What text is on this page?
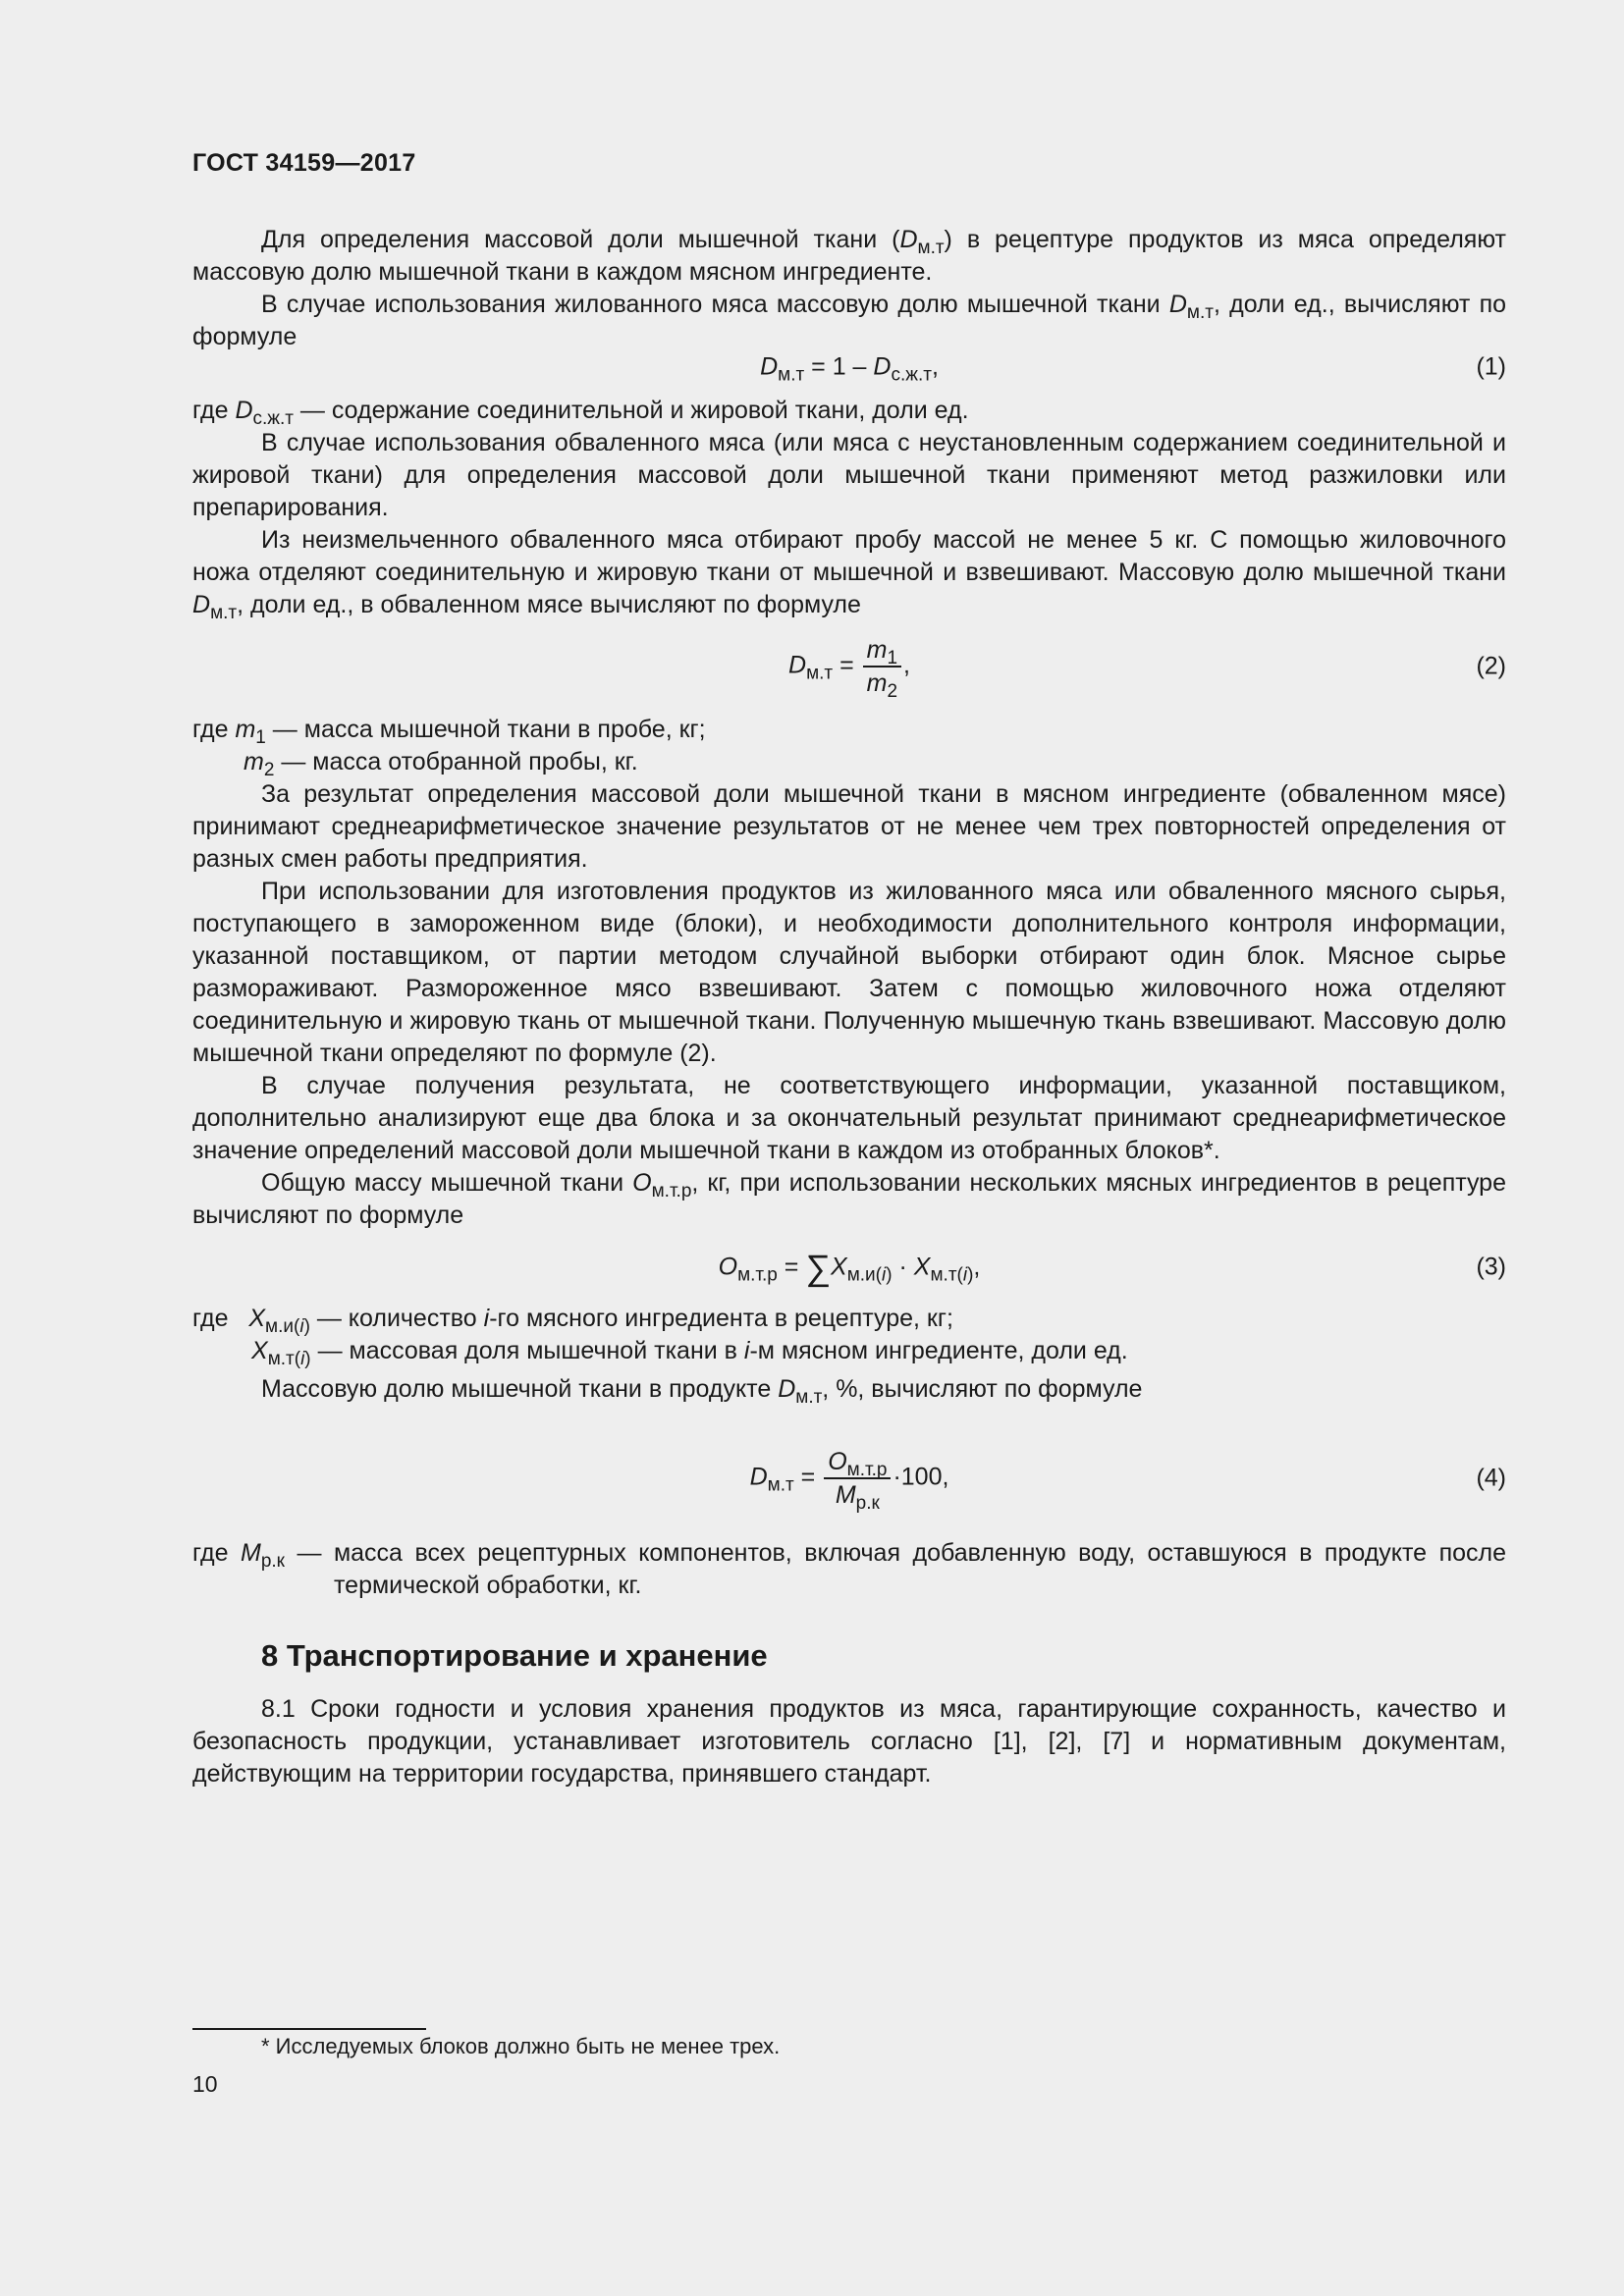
ГОСТ 34159—2017

Для определения массовой доли мышечной ткани $(D_{м.т})$ в рецептуре продуктов из мяса определяют массовую долю мышечной ткани в каждом мясном ингредиенте.

В случае использования жилованного мяса массовую долю мышечной ткани $D_{м.т}$, доли ед., вычисляют по формуле

$D_{м.т} = 1 - D_{с.ж.т}$,	(1)

где $D_{с.ж.т}$ — содержание соединительной и жировой ткани, доли ед.

В случае использования обваленного мяса (или мяса с неустановленным содержанием соединительной и жировой ткани) для определения массовой доли мышечной ткани применяют метод разжиловки или препарирования.

Из неизмельченного обваленного мяса отбирают пробу массой не менее 5 кг. С помощью жиловочного ножа отделяют соединительную и жировую ткани от мышечной и взвешивают. Массовую долю мышечной ткани $D_{м.т}$, доли ед., в обваленном мясе вычисляют по формуле

$D_{м.т} = \frac{m_1}{m_2}$ ,	(2)
где $m_1$ — масса мышечной ткани в пробе, кг;
$m_2$ — масса отобранной пробы, кг.

За результат определения массовой доли мышечной ткани в мясном ингредиенте (обваленном мясе) принимают среднеарифметическое значение результатов от не менее чем трех повторностей определения от разных смен работы предприятия.

При использовании для изготовления продуктов из жилованного мяса или обваленного мясного сырья, поступающего в замороженном виде (блоки), и необходимости дополнительного контроля информации, указанной поставщиком, от партии методом случайной выборки отбирают один блок. Мясное сырье размораживают. Размороженное мясо взвешивают. Затем с помощью жиловочного ножа отделяют соединительную и жировую ткань от мышечной ткани. Полученную мышечную ткань взвешивают. Массовую долю мышечной ткани определяют по формуле (2).

В случае получения результата, не соответствующего информации, указанной поставщиком, дополнительно анализируют еще два блока и за окончательный результат принимают среднеарифметическое значение определений массовой доли мышечной ткани в каждом из отобранных блоков*.

Общую массу мышечной ткани $O_{м.т.р}$, кг, при использовании нескольких мясных ингредиентов в рецептуре вычисляют по формуле

$O_{м.т.р} = \sum X_{м.и(i)} \cdot X_{м.т(i)}$,	(3)
где $X_{м.и(i)}$ — количество i-го мясного ингредиента в рецептуре, кг;
$X_{м.т(i)}$ — массовая доля мышечной ткани в i-м мясном ингредиенте, доли ед.

Массовую долю мышечной ткани в продукте $D_{м.т}$, %, вычисляют по формуле

$D_{м.т} = \frac{O_{м.т.р}}{M_{р.к}} \cdot 100$,	(4)

где $M_{р.к}$ — масса всех рецептурных компонентов, включая добавленную воду, оставшуюся в продукте после термической обработки, кг.

8 Транспортирование и хранение

8.1 Сроки годности и условия хранения продуктов из мяса, гарантирующие сохранность, качество и безопасность продукции, устанавливает изготовитель согласно [1], [2], [7] и нормативным документам, действующим на территории государства, принявшего стандарт.

* Исследуемых блоков должно быть не менее трех.
10
